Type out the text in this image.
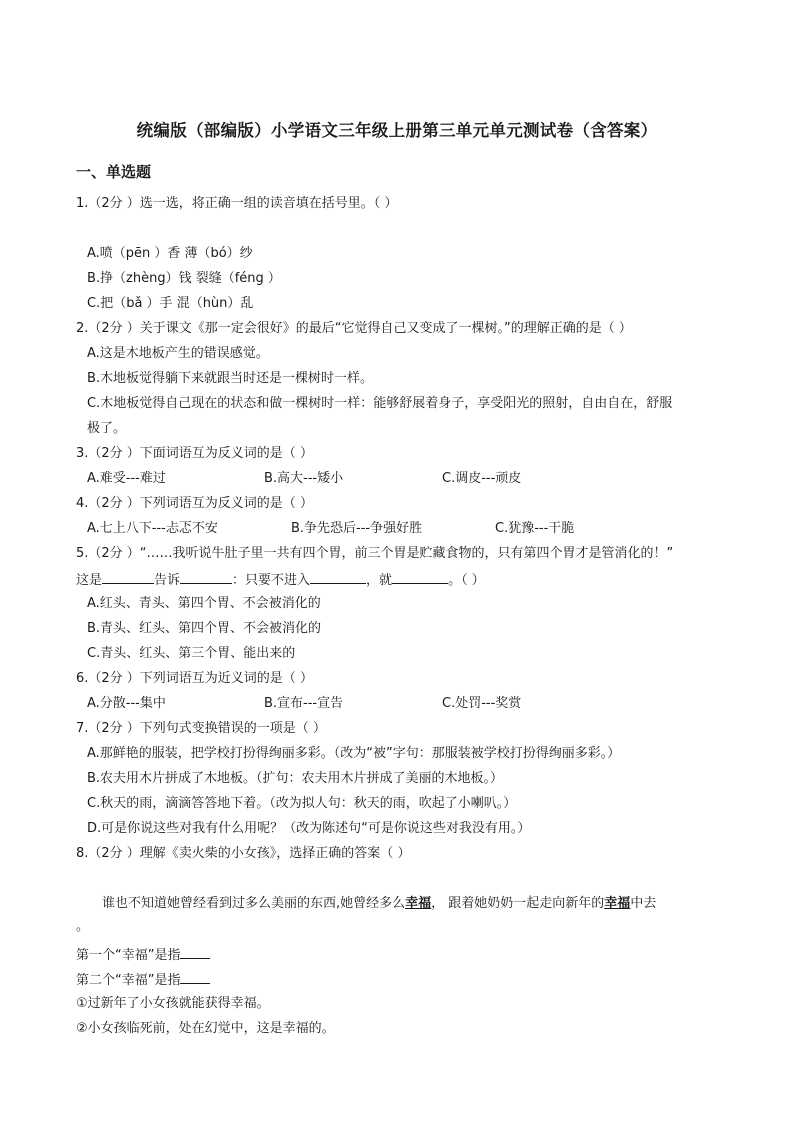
统编版（部编版）小学语文三年级上册第三单元单元测试卷（含答案）
一、单选题
1.（2分 ）选一选，将正确一组的读音填在括号里。（ ）
A.喷（pēn ）香 薄（bó）纱
B.挣（zhèng）钱 裂缝（féng ）
C.把（bǎ ）手 混（hùn）乱
2.（2分 ）关于课文《那一定会很好》的最后“它觉得自己又变成了一棵树。”的理解正确的是（ ）
A.这是木地板产生的错误感觉。
B.木地板觉得躺下来就跟当时还是一棵树时一样。
C.木地板觉得自己现在的状态和做一棵树时一样：能够舒展着身子，享受阳光的照射，自由自在，舒服
极了。
3.（2分 ）下面词语互为反义词的是（ ）
A.难受---难过	B.高大---矮小	C.调皮---顽皮
4.（2分 ）下列词语互为反义词的是（ ）
A.七上八下---忐忑不安	B.争先恐后---争强好胜	C.犹豫---干脆
5.（2分 ）“……我听说牛肚子里一共有四个胃，前三个胃是贮藏食物的，只有第四个胃才是管消化的！”
这是	告诉	：只要不进入	，就	。（ ）
A.红头、青头、第四个胃、不会被消化的
B.青头、红头、第四个胃、不会被消化的
C.青头、红头、第三个胃、能出来的
6.（2分 ）下列词语互为近义词的是（ ）
A.分散---集中	B.宣布---宣告	C.处罚---奖赏
7.（2分 ）下列句式变换错误的一项是（ ）
A.那鲜艳的服装，把学校打扮得绚丽多彩。（改为“被”字句：那服装被学校打扮得绚丽多彩。）
B.农夫用木片拼成了木地板。（扩句：农夫用木片拼成了美丽的木地板。）
C.秋天的雨，滴滴答答地下着。（改为拟人句：秋天的雨，吹起了小喇叭。）
D.可是你说这些对我有什么用呢？（改为陈述句“可是你说这些对我没有用。）
8.（2分 ）理解《卖火柴的小女孩》，选择正确的答案（ ）
谁也不知道她曾经看到过多么美丽的东西,她曾经多么幸福， 跟着她奶奶一起走向新年的幸福中去
。
第一个“幸福”是指
第二个“幸福”是指
①过新年了小女孩就能获得幸福。
②小女孩临死前，处在幻觉中，这是幸福的。
